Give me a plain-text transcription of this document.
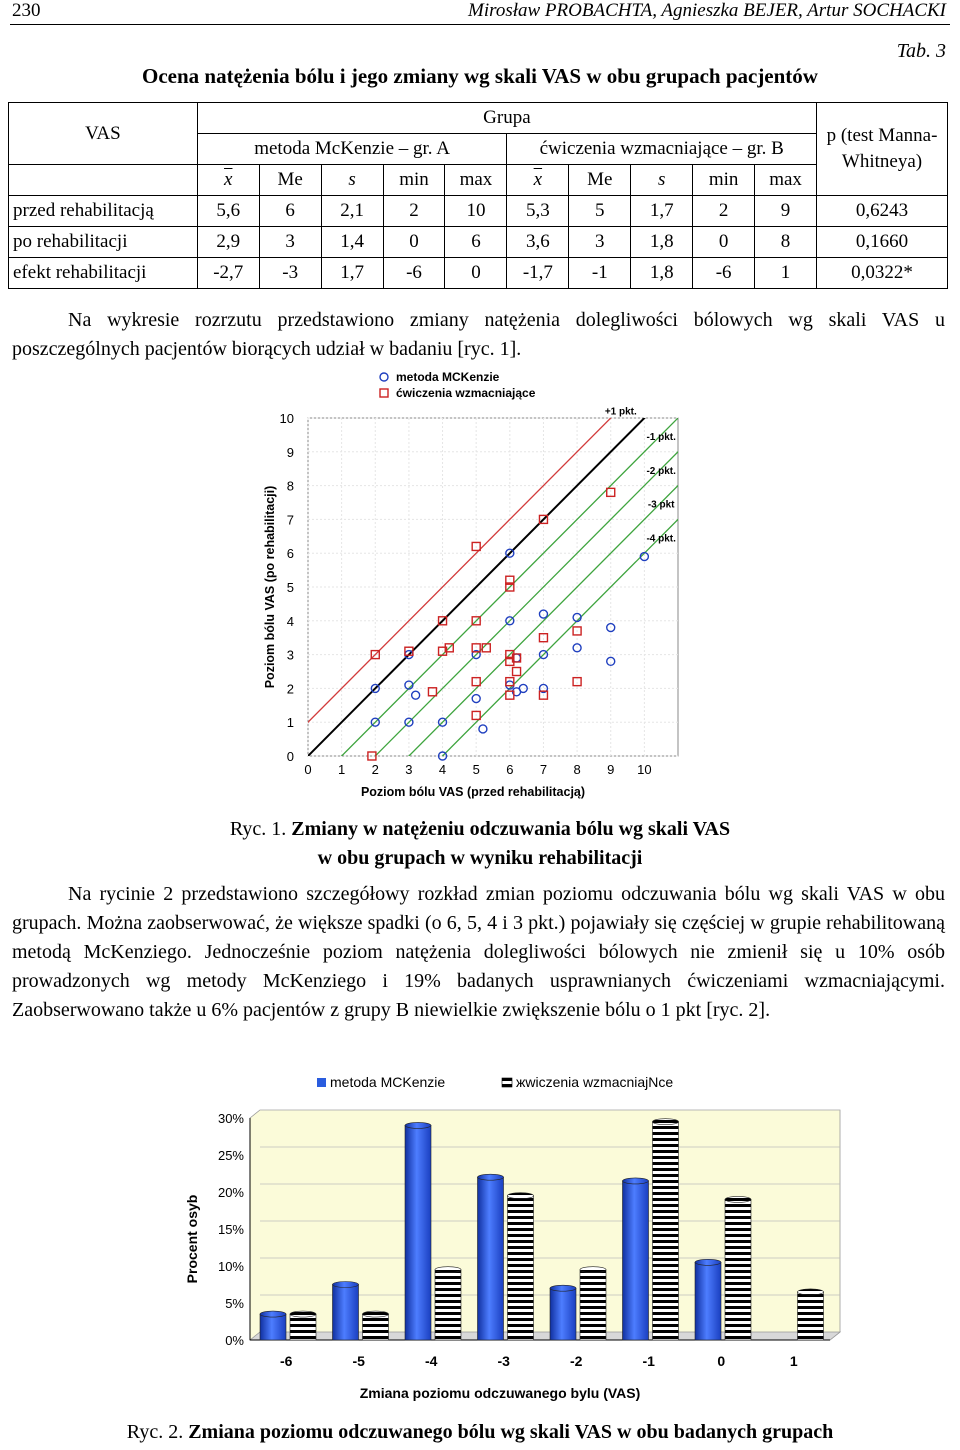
230	Mirosław PROBACHTA, Agnieszka BEJER, Artur SOCHACKI
Tab. 3
Ocena natężenia bólu i jego zmiany wg skali VAS w obu grupach pacjentów
VAS	Grupa										p (test Manna-Whitneya)
	metoda McKenzie – gr. A					ćwiczenia wzmacniające – gr. B					
	$\overline{x}$	Me	s	min	max	$\overline{x}$	Me	s	min	max	
przed rehabilitacją	5,6	6	2,1	2	10	5,3	5	1,7	2	9	0,6243
po rehabilitacji	2,9	3	1,4	0	6	3,6	3	1,8	0	8	0,1660
efekt rehabilitacji	-2,7	-3	1,7	-6	0	-1,7	-1	1,8	-6	1	0,0322*
Na wykresie rozrzutu przedstawiono zmiany natężenia dolegliwości bólowych wg skali VAS u poszczególnych pacjentów biorących udział w badaniu [ryc. 1].
+1 pkt.
-1 pkt.
-2 pkt.
-3 pkt
-4 pkt.
0 1 2 3 4 5 6 7 8 9 10
0
1
2
3
4
5
6
7
8
9
10
Poziom bólu VAS (przed rehabilitacją)
Poziom bólu VAS (po rehabilitacji)
metoda MCKenzie
ćwiczenia wzmacniające
Ryc. 1. Zmiany w natężeniu odczuwania bólu wg skali VAS
w obu grupach w wyniku rehabilitacji
Na rycinie 2 przedstawiono szczegółowy rozkład zmian poziomu odczuwania bólu wg skali VAS w obu grupach. Można zaobserwować, że większe spadki (o 6, 5, 4 i 3 pkt.) pojawiały się częściej w grupie rehabilitowaną metodą McKenziego. Jednocześnie poziom natężenia dolegliwości bólowych nie zmienił się u 10% osób prowadzonych wg metody McKenziego i 19% badanych usprawnianych ćwiczeniami wzmacniającymi. Zaobserwowano także u 6% pacjentów z grupy B niewielkie zwiększenie bólu o 1 pkt [ryc. 2].
metoda MCKenzie	жwiczenia wzmacniajNce
0%
5%
10%
15%
20%
25%
30%
-6	-5	-4	-3	-2	-1	0	1
Zmiana poziomu odczuwanego bylu (VAS)
Procent osyb
Ryc. 2. Zmiana poziomu odczuwanego bólu wg skali VAS w obu badanych grupach
